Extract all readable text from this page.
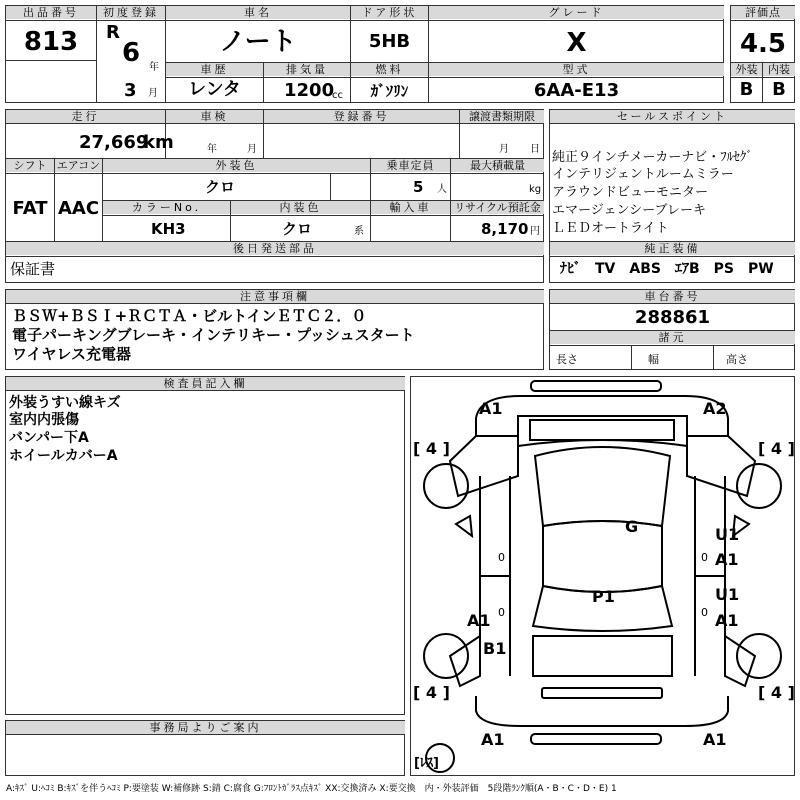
出品番号
813
初度登録
R
6 年
3 月
車名
ノート
ドア形状
5HB
グレード
X
車歴
レンタ
排気量
1200
cc
燃料
ｶﾞｿﾘﾝ
型式
6AA-E13
評価点
4.5
外装 内装
B	B
走行
27,669
km
車検
年	月
登録番号	譲渡書類期限
月 日
シフト
FAT
エアコン
AAC
外装色
クロ
乗車定員
5 人
最大積載量
kg
カラーNo.
KH3
内装色
クロ	系
輸入車	リサイクル預託金
8,170 円
後日発送部品
保証書
セールスポイント
純正９インチメーカーナビ・ﾌﾙｾｸﾞ
インテリジェントルームミラー
アラウンドビューモニター
エマージェンシーブレーキ
ＬＥＤオートライト
純正装備
ﾅﾋﾞ　TV　ABS　ｴｱB　PS　PW
注意事項欄
ＢＳＷ+ＢＳＩ+ＲＣＴＡ・ビルトインＥＴＣ２．０
電子パーキングブレーキ・インテリキー・プッシュスタート
ワイヤレス充電器
車台番号
288861
諸元
長さ	幅	高さ
検査員記入欄
外装うすい線キズ
室内内張傷
バンパー下A
ホイールカバーA
事務局よりご案内
A1	A2
G	U1
A1
U1
A1
P1
A1
B1
A1	A1
[ 4 ]	[ 4 ]
[ 4 ]	[ 4 ]
0
0
0
0
[ﾚｽ]
A:ｷｽﾞ U:ﾍｺﾐ B:ｷｽﾞを伴うﾍｺﾐ P:要塗装 W:補修跡 S:錆 C:腐食 G:ﾌﾛﾝﾄｶﾞﾗｽ点ｷｽﾞ XX:交換済み X:要交換　内・外装評価　5段階ﾗﾝｸ順(A・B・C・D・E) 1
